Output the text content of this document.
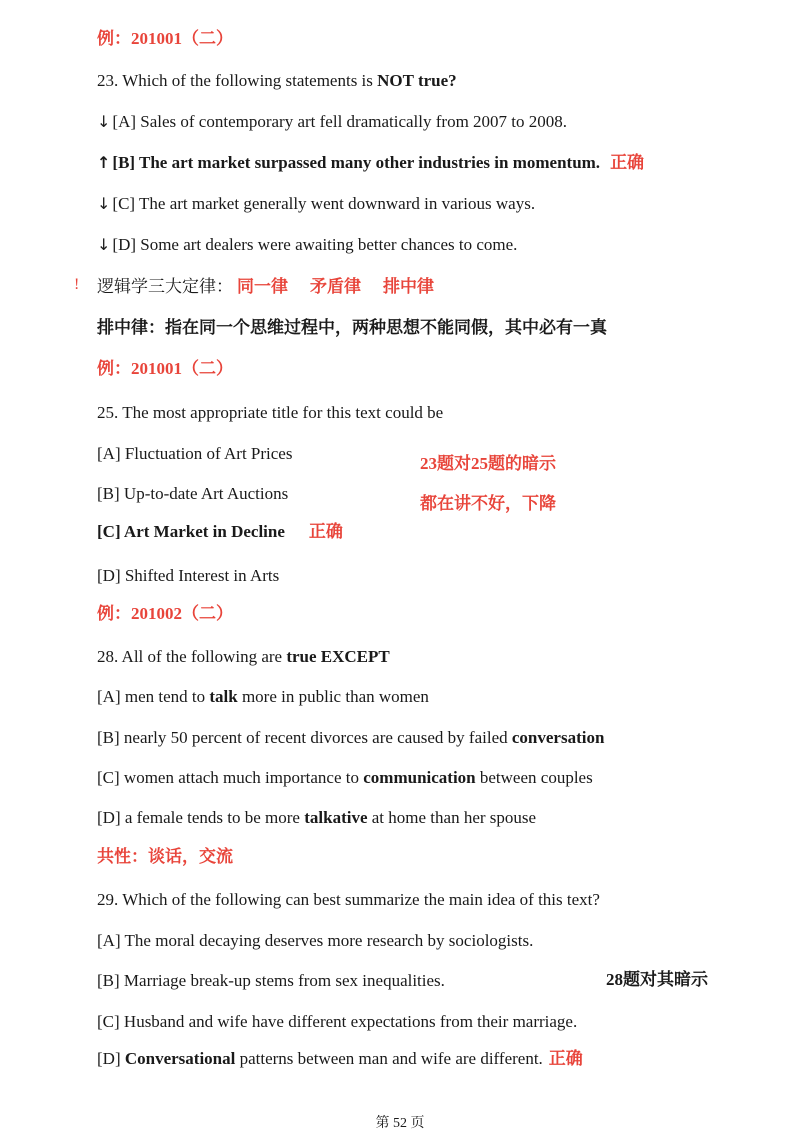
例：201001（二）
23. Which of the following statements is NOT true?
↓ [A] Sales of contemporary art fell dramatically from 2007 to 2008.
↑ [B] The art market surpassed many other industries in momentum. 正确
↓ [C] The art market generally went downward in various ways.
↓ [D] Some art dealers were awaiting better chances to come.
! 逻辑学三大定律： 同一律 矛盾律 排中律
排中律：指在同一个思维过程中，两种思想不能同假，其中必有一真
例：201001（二）
25. The most appropriate title for this text could be
[A] Fluctuation of Art Prices
23题对25题的暗示
[B] Up-to-date Art Auctions
都在讲不好，下降
[C] Art Market in Decline 正确
[D] Shifted Interest in Arts
例：201002（二）
28. All of the following are true EXCEPT
[A] men tend to talk more in public than women
[B] nearly 50 percent of recent divorces are caused by failed conversation
[C] women attach much importance to communication between couples
[D] a female tends to be more talkative at home than her spouse
共性：谈话，交流
29. Which of the following can best summarize the main idea of this text?
[A] The moral decaying deserves more research by sociologists.
[B] Marriage break-up stems from sex inequalities.	28题对其暗示
[C] Husband and wife have different expectations from their marriage.
[D] Conversational patterns between man and wife are different. 正确
第 52 页
